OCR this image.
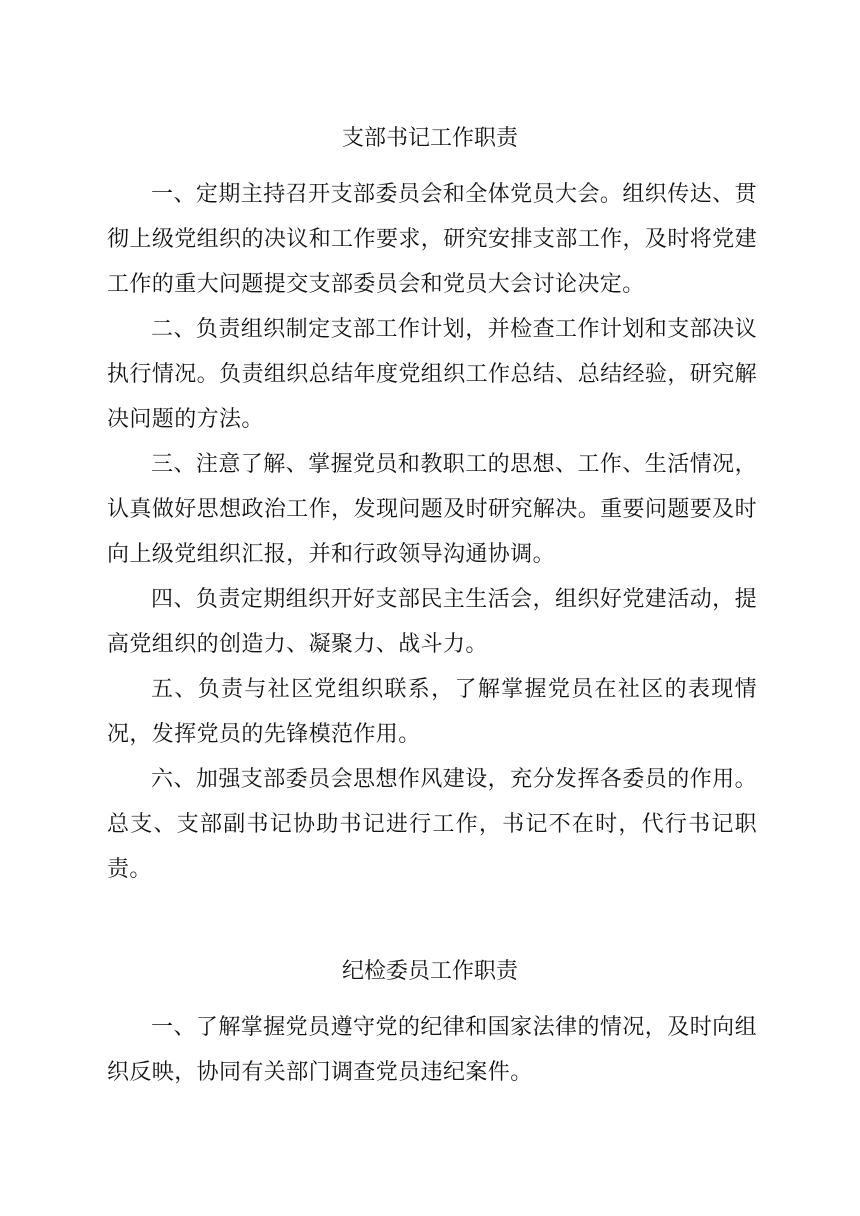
支部书记工作职责

一、定期主持召开支部委员会和全体党员大会。组织传达、贯彻上级党组织的决议和工作要求，研究安排支部工作，及时将党建工作的重大问题提交支部委员会和党员大会讨论决定。

二、负责组织制定支部工作计划，并检查工作计划和支部决议执行情况。负责组织总结年度党组织工作总结、总结经验，研究解决问题的方法。

三、注意了解、掌握党员和教职工的思想、工作、生活情况，认真做好思想政治工作，发现问题及时研究解决。重要问题要及时向上级党组织汇报，并和行政领导沟通协调。

四、负责定期组织开好支部民主生活会，组织好党建活动，提高党组织的创造力、凝聚力、战斗力。

五、负责与社区党组织联系，了解掌握党员在社区的表现情况，发挥党员的先锋模范作用。

六、加强支部委员会思想作风建设，充分发挥各委员的作用。总支、支部副书记协助书记进行工作，书记不在时，代行书记职责。

纪检委员工作职责

一、了解掌握党员遵守党的纪律和国家法律的情况，及时向组织反映，协同有关部门调查党员违纪案件。
